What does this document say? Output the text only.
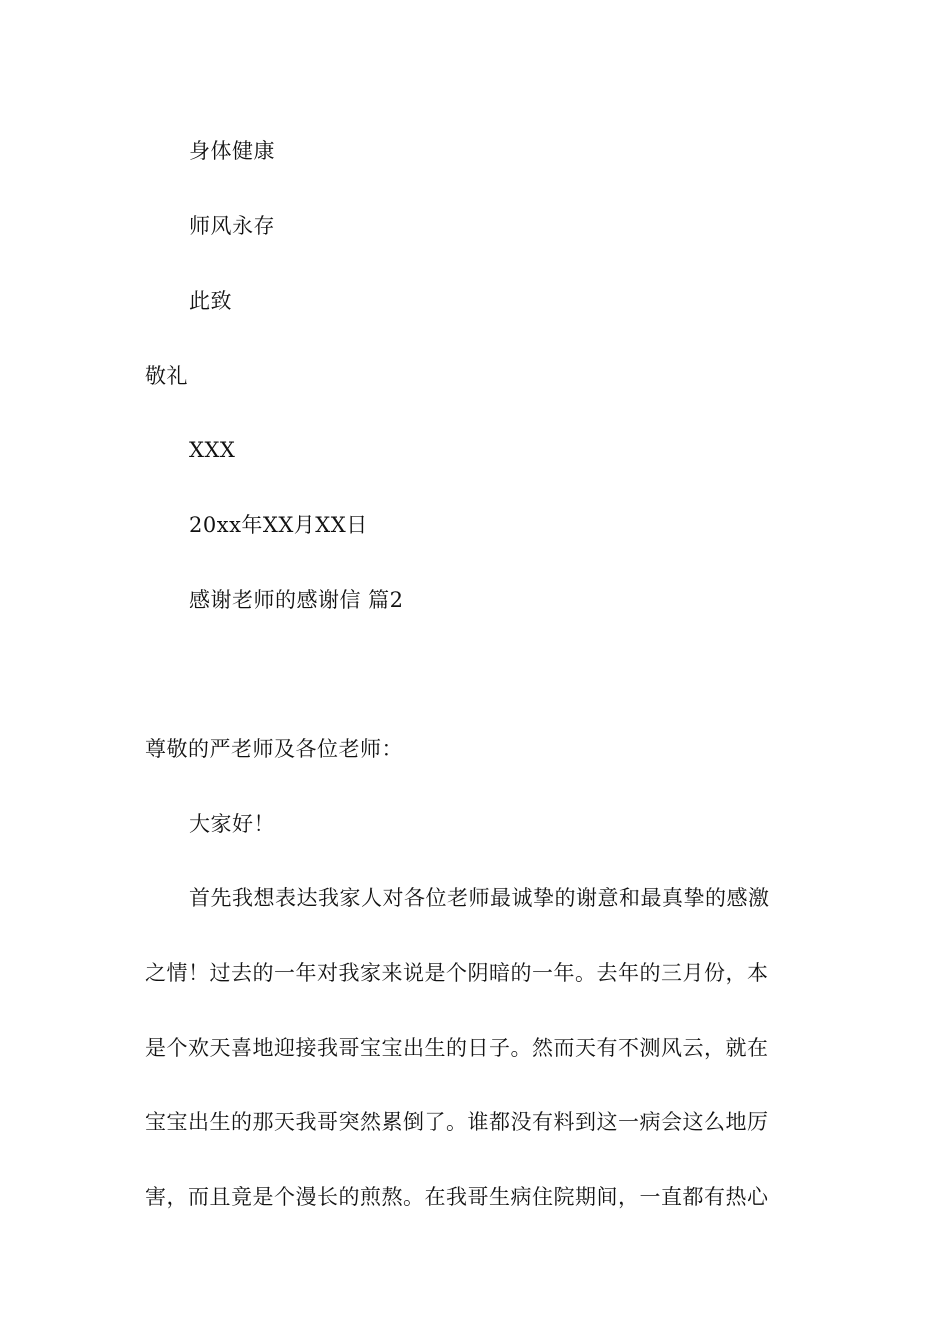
身体健康
师风永存
此致
敬礼
XXX
20xx年XX月XX日
感谢老师的感谢信 篇2
尊敬的严老师及各位老师：
大家好！
首先我想表达我家人对各位老师最诚挚的谢意和最真挚的感激
之情！过去的一年对我家来说是个阴暗的一年。去年的三月份，本
是个欢天喜地迎接我哥宝宝出生的日子。然而天有不测风云，就在
宝宝出生的那天我哥突然累倒了。谁都没有料到这一病会这么地厉
害，而且竟是个漫长的煎熬。在我哥生病住院期间，一直都有热心
